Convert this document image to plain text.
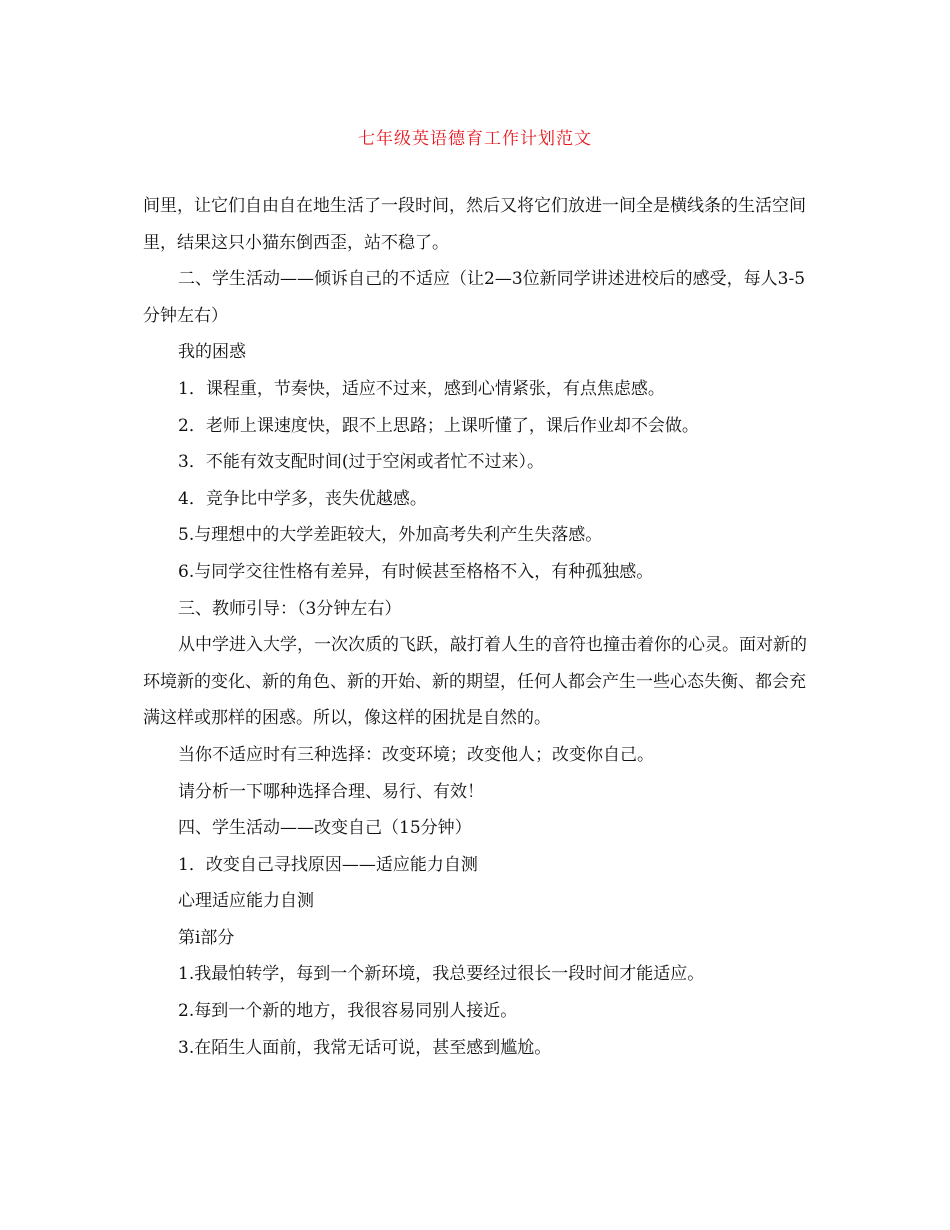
七年级英语德育工作计划范文

间里，让它们自由自在地生活了一段时间，然后又将它们放进一间全是横线条的生活空间里，结果这只小猫东倒西歪，站不稳了。

二、学生活动——倾诉自己的不适应（让2—3位新同学讲述进校后的感受，每人3-5分钟左右）

我的困惑

1．课程重，节奏快，适应不过来，感到心情紧张，有点焦虑感。

2．老师上课速度快，跟不上思路；上课听懂了，课后作业却不会做。

3．不能有效支配时间(过于空闲或者忙不过来）。

4．竞争比中学多，丧失优越感。

5.与理想中的大学差距较大，外加高考失利产生失落感。

6.与同学交往性格有差异，有时候甚至格格不入，有种孤独感。

三、教师引导：（3分钟左右）

从中学进入大学，一次次质的飞跃，敲打着人生的音符也撞击着你的心灵。面对新的环境新的变化、新的角色、新的开始、新的期望，任何人都会产生一些心态失衡、都会充满这样或那样的困惑。所以，像这样的困扰是自然的。

当你不适应时有三种选择：改变环境；改变他人；改变你自己。

请分析一下哪种选择合理、易行、有效！

四、学生活动——改变自己（15分钟）

1．改变自己寻找原因——适应能力自测

心理适应能力自测

第ⅰ部分

1.我最怕转学，每到一个新环境，我总要经过很长一段时间才能适应。

2.每到一个新的地方，我很容易同别人接近。

3.在陌生人面前，我常无话可说，甚至感到尴尬。
